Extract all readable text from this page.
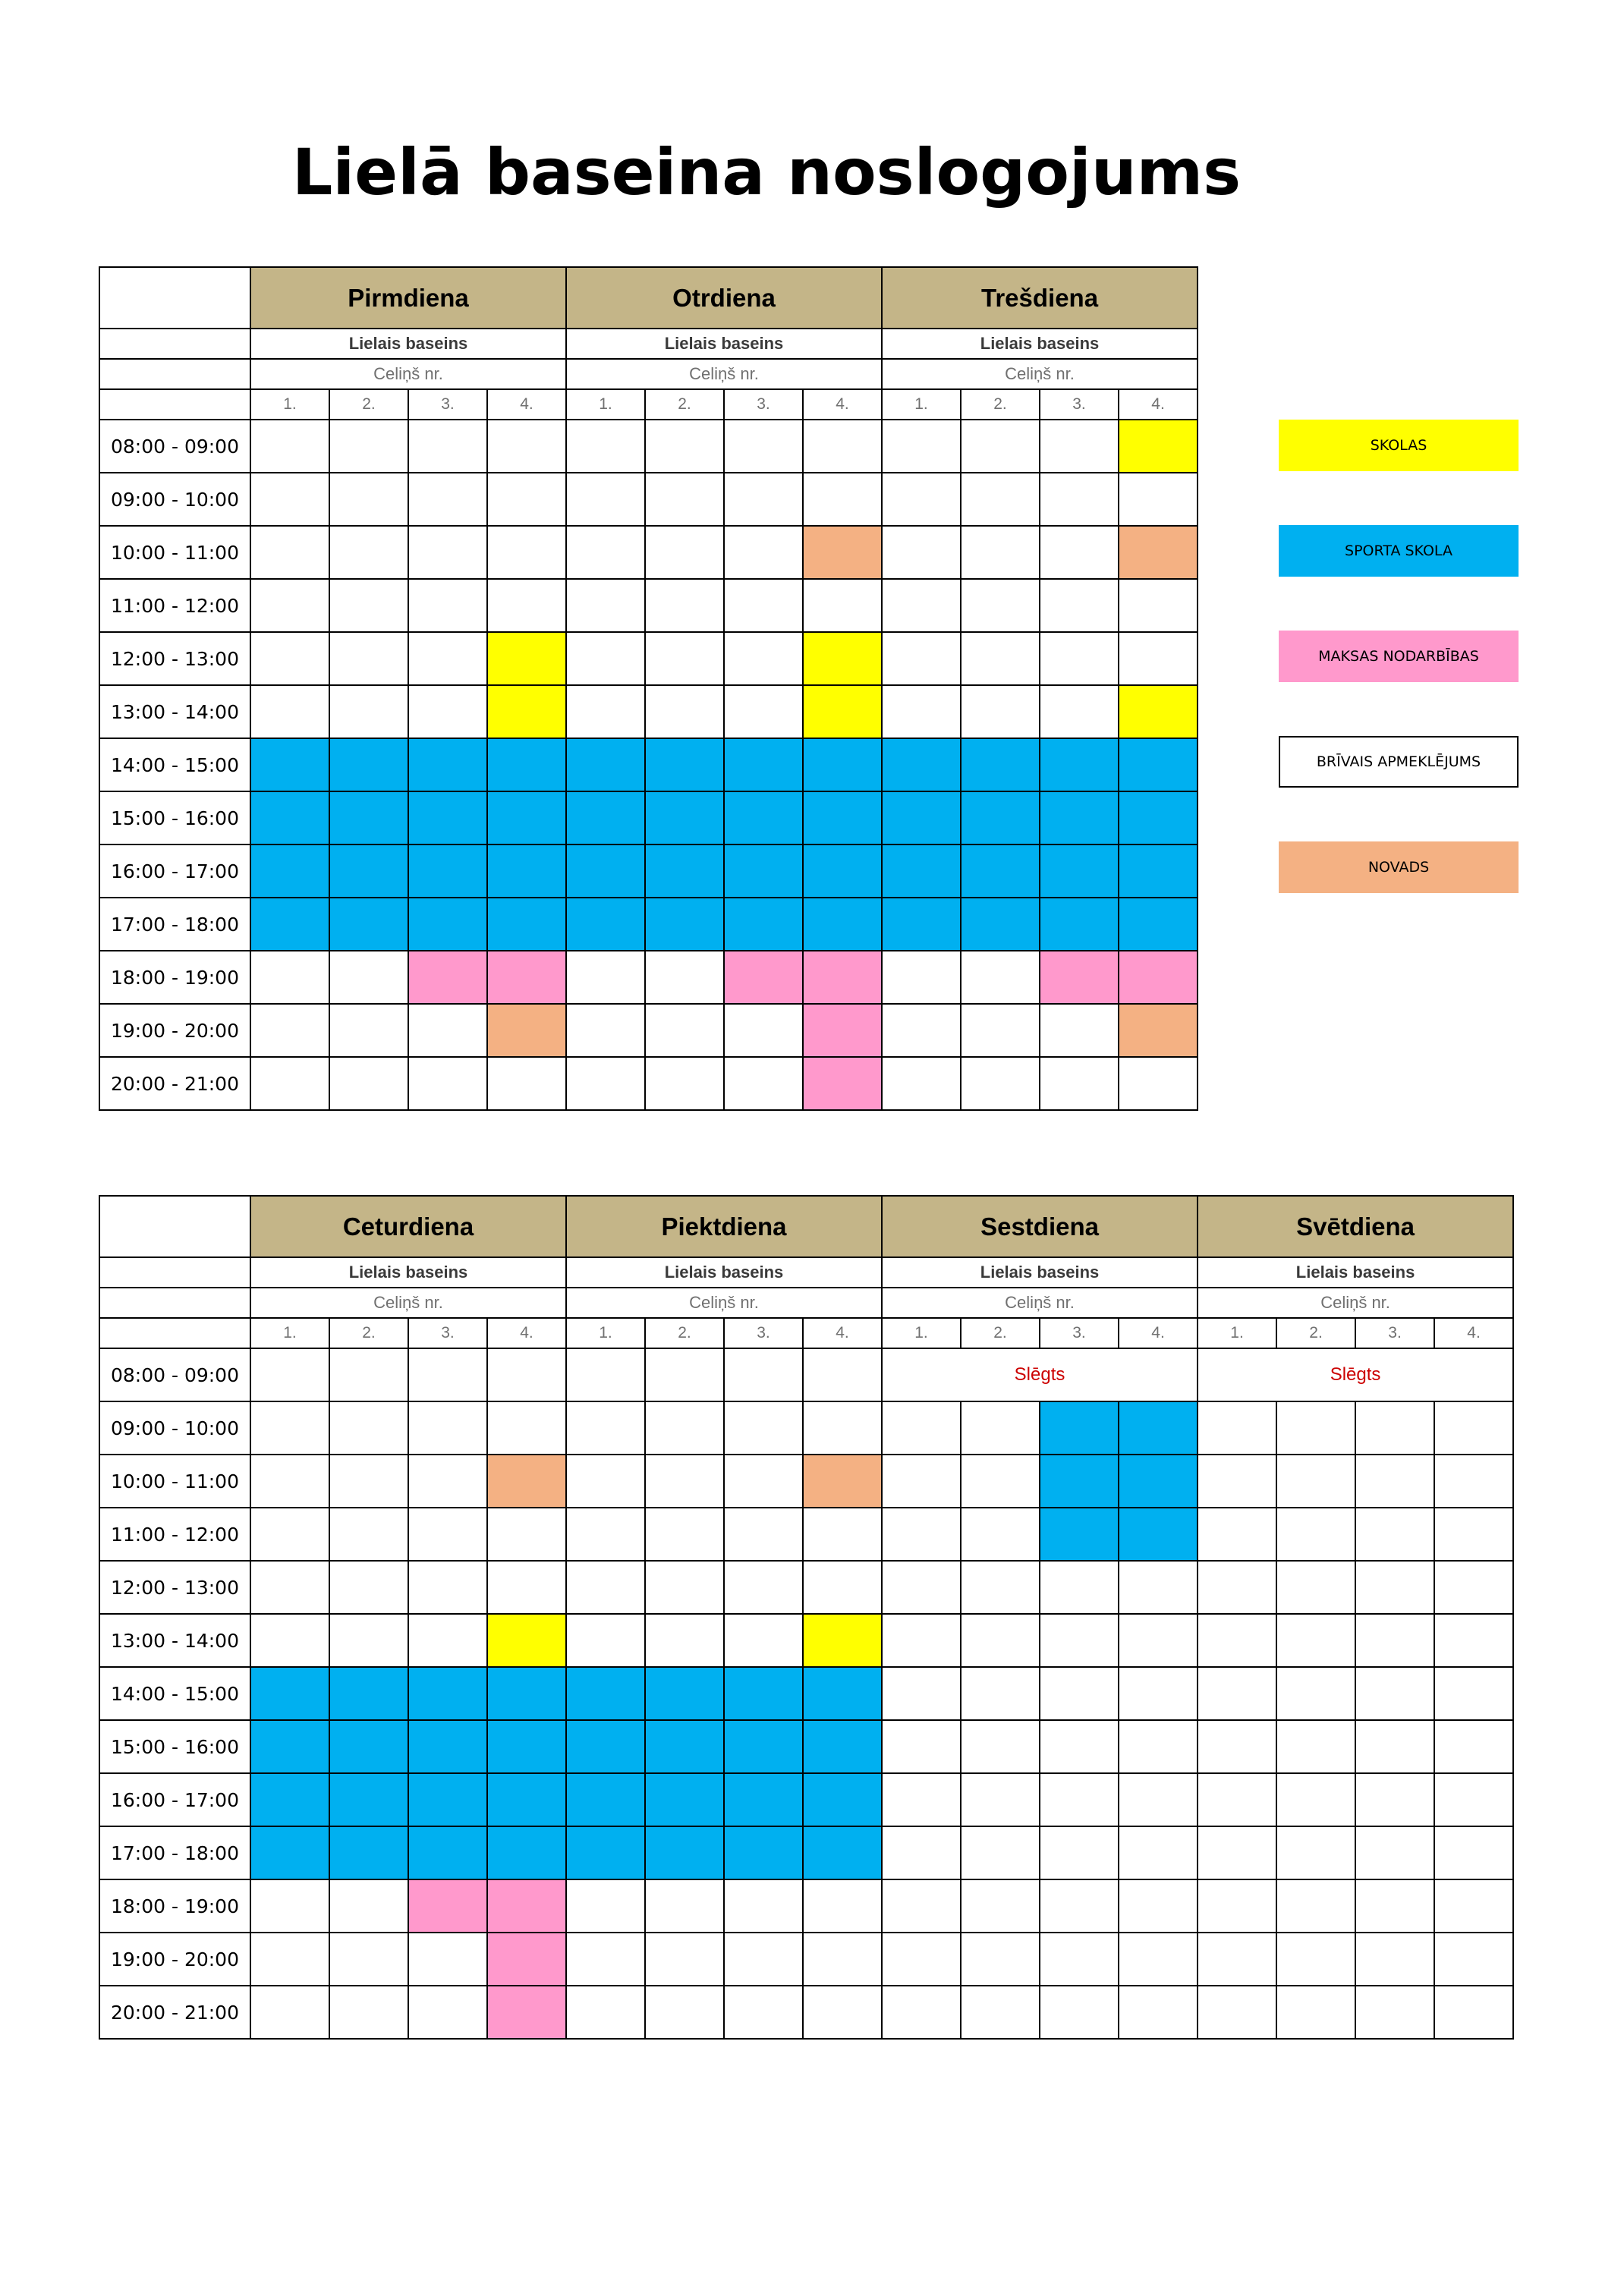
Lielā baseina noslogojums
	Pirmdiena				Otrdiena				Trešdiena			
	Lielais baseins				Lielais baseins				Lielais baseins			
	Celiņš nr.				Celiņš nr.				Celiņš nr.			
	1.	2.	3.	4.	1.	2.	3.	4.	1.	2.	3.	4.
08:00 - 09:00												
09:00 - 10:00												
10:00 - 11:00												
11:00 - 12:00												
12:00 - 13:00												
13:00 - 14:00												
14:00 - 15:00												
15:00 - 16:00												
16:00 - 17:00												
17:00 - 18:00												
18:00 - 19:00												
19:00 - 20:00												
20:00 - 21:00												
	Ceturdiena				Piektdiena				Sestdiena				Svētdiena			
	Lielais baseins				Lielais baseins				Lielais baseins				Lielais baseins			
	Celiņš nr.				Celiņš nr.				Celiņš nr.				Celiņš nr.			
	1.	2.	3.	4.	1.	2.	3.	4.	1.	2.	3.	4.	1.	2.	3.	4.
08:00 - 09:00									Slēgts				Slēgts			
09:00 - 10:00																
10:00 - 11:00																
11:00 - 12:00																
12:00 - 13:00																
13:00 - 14:00																
14:00 - 15:00																
15:00 - 16:00																
16:00 - 17:00																
17:00 - 18:00																
18:00 - 19:00																
19:00 - 20:00																
20:00 - 21:00																
SKOLAS
SPORTA SKOLA
MAKSAS NODARBĪBAS
BRĪVAIS APMEKLĒJUMS
NOVADS
